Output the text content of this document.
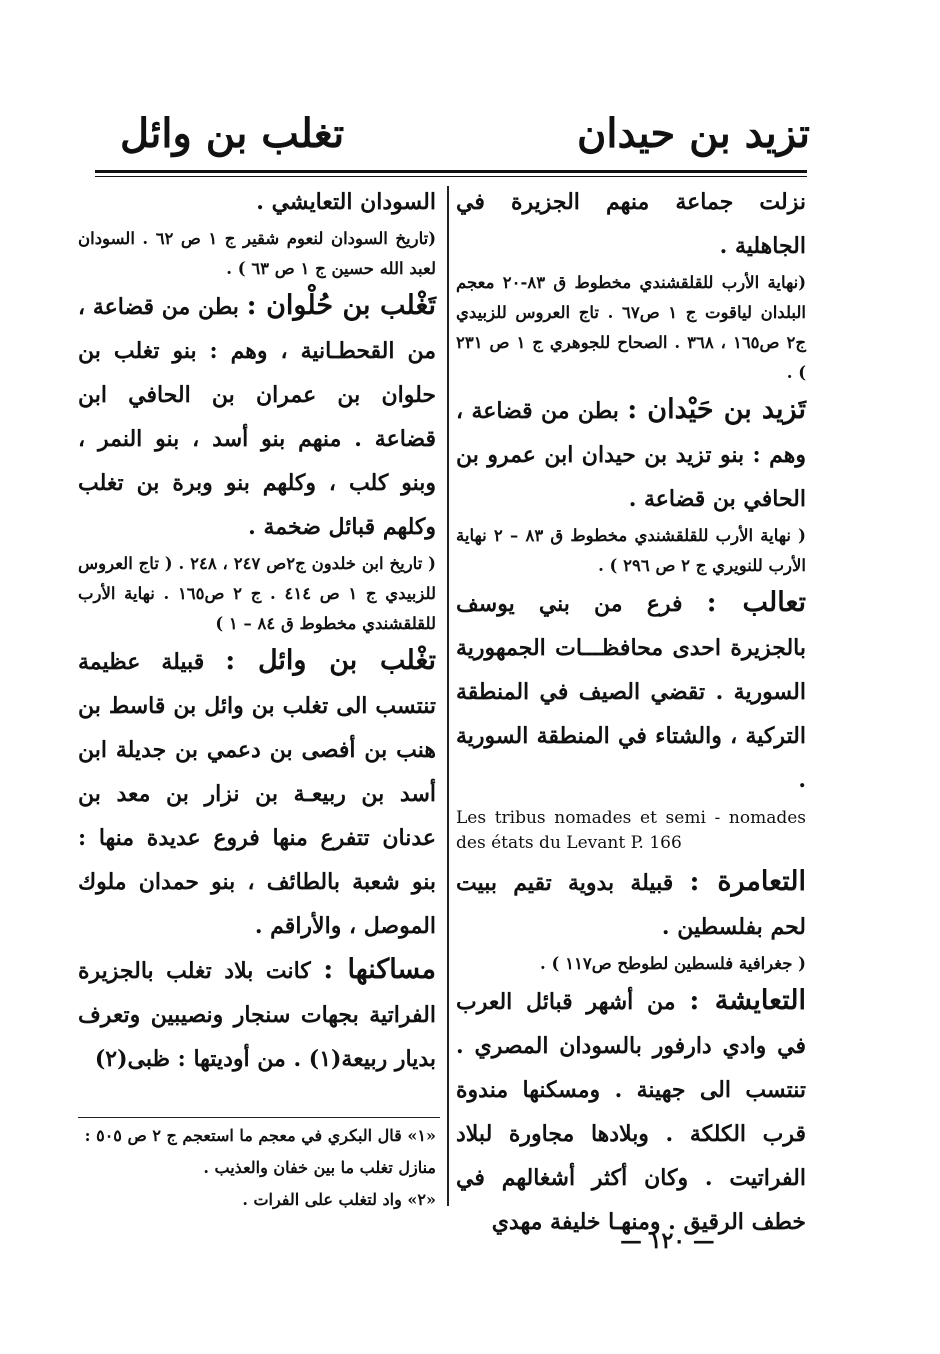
تزيد بن حيدان
تغلب بن وائل

نزلت جماعة منهم الجزيرة في الجاهلية .

(نهاية الأرب للقلقشندي مخطوط ق ٨٣-٢٠ معجم البلدان لياقوت ج ١ ص٦٧ . تاج العروس للزبيدي ج٢ ص١٦٥ ، ٣٦٨ . الصحاح للجوهري ج ١ ص ٢٣١ ) .

تَزيد بن حَيْدان : بطن من قضاعة ، وهم : بنو تزيد بن حيدان ابن عمرو بن الحافي بن قضاعة .

( نهاية الأرب للقلقشندي مخطوط ق ٨٣ – ٢ نهاية الأرب للنويري ج ٢ ص ٢٩٦ ) .

تعالب : فرع من بني يوسف بالجزيرة احدى محافظـــات الجمهورية السورية . تقضي الصيف في المنطقة التركية ، والشتاء في المنطقة السورية .

Les tribus nomades et semi - nomades des états du Levant P. 166

التعامرة : قبيلة بدوية تقيم ببيت لحم بفلسطين .

( جغرافية فلسطين لطوطح ص١١٧ ) .

التعايشة : من أشهر قبائل العرب في وادي دارفور بالسودان المصري . تنتسب الى جهينة . ومسكنها مندوة قرب الكلكة . وبلادها مجاورة لبلاد الفراتيت . وكان أكثر أشغالهم في خطف الرقيق . ومنهـا خليفة مهدي

السودان التعايشي .

(تاريخ السودان لنعوم شقير ج ١ ص ٦٢ . السودان لعبد الله حسين ج ١ ص ٦٣ ) .

تَغْلب بن حُلْوان : بطن من قضاعة ، من القحطـانية ، وهم : بنو تغلب بن حلوان بن عمران بن الحافي ابن قضاعة . منهم بنو أسد ، بنو النمر ، وبنو كلب ، وكلهم بنو وبرة بن تغلب وكلهم قبائل ضخمة .

( تاريخ ابن خلدون ج٢ص ٢٤٧ ، ٢٤٨ . ( تاج العروس للزبيدي ج ١ ص ٤١٤ . ج ٢ ص١٦٥ . نهاية الأرب للقلقشندي مخطوط ق ٨٤ – ١ )

تغْلب بن وائل : قبيلة عظيمة تنتسب الى تغلب بن وائل بن قاسط بن هنب بن أفصى بن دعمي بن جديلة ابن أسد بن ربيعـة بن نزار بن معد بن عدنان تتفرع منها فروع عديدة منها : بنو شعبة بالطائف ، بنو حمدان ملوك الموصل ، والأراقم .

مساكنها : كانت بلاد تغلب بالجزيرة الفراتية بجهات سنجار ونصيبين وتعرف بديار ربيعة(١) . من أوديتها : ظبى(٢)

«١» قال البكري في معجم ما استعجم ج ٢ ص ٥٠٥ : منازل تغلب ما بين خفان والعذيب .

«٢» واد لتغلب على الفرات .

— ١٢٠ —
